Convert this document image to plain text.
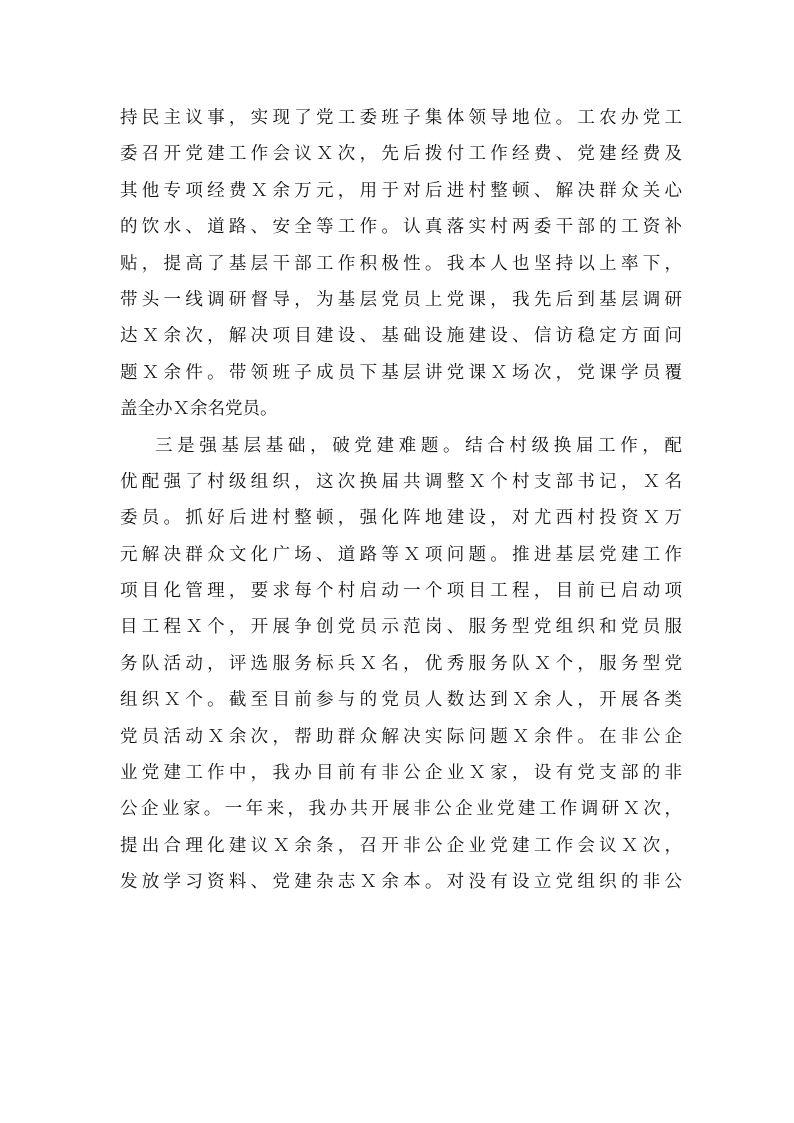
持民主议事，实现了党工委班子集体领导地位。工农办党工
委召开党建工作会议Ｘ次，先后拨付工作经费、党建经费及
其他专项经费Ｘ余万元，用于对后进村整顿、解决群众关心
的饮水、道路、安全等工作。认真落实村两委干部的工资补
贴，提高了基层干部工作积极性。我本人也坚持以上率下，
带头一线调研督导，为基层党员上党课，我先后到基层调研
达Ｘ余次，解决项目建设、基础设施建设、信访稳定方面问
题Ｘ余件。带领班子成员下基层讲党课Ｘ场次，党课学员覆
盖全办Ｘ余名党员。
三是强基层基础，破党建难题。结合村级换届工作，配
优配强了村级组织，这次换届共调整Ｘ个村支部书记，Ｘ名
委员。抓好后进村整顿，强化阵地建设，对尤西村投资Ｘ万
元解决群众文化广场、道路等Ｘ项问题。推进基层党建工作
项目化管理，要求每个村启动一个项目工程，目前已启动项
目工程Ｘ个，开展争创党员示范岗、服务型党组织和党员服
务队活动，评选服务标兵Ｘ名，优秀服务队Ｘ个，服务型党
组织Ｘ个。截至目前参与的党员人数达到Ｘ余人，开展各类
党员活动Ｘ余次，帮助群众解决实际问题Ｘ余件。在非公企
业党建工作中，我办目前有非公企业Ｘ家，设有党支部的非
公企业家。一年来，我办共开展非公企业党建工作调研Ｘ次，
提出合理化建议Ｘ余条，召开非公企业党建工作会议Ｘ次，
发放学习资料、党建杂志Ｘ余本。对没有设立党组织的非公
